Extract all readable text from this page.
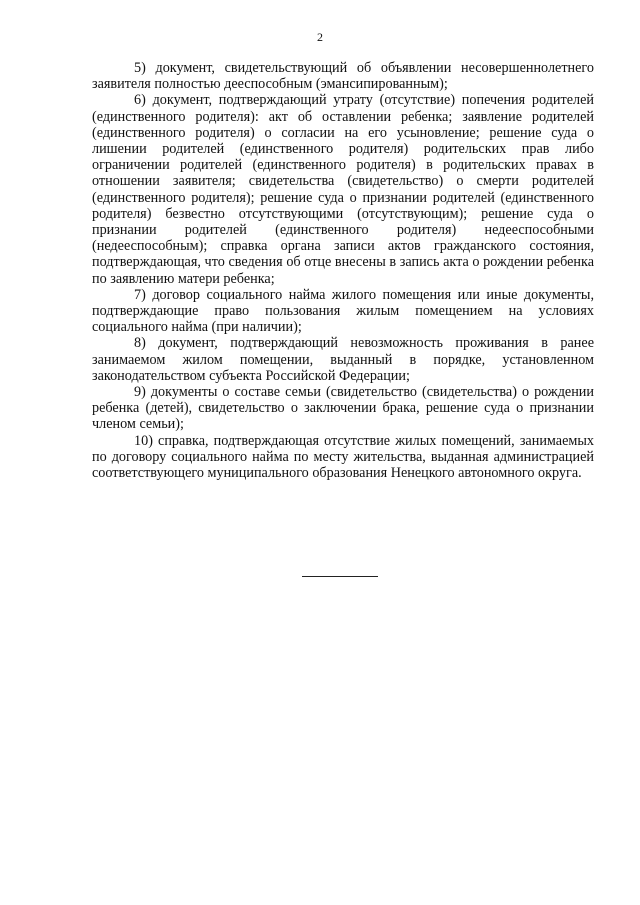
2

5) документ, свидетельствующий об объявлении несовершеннолетнего заявителя полностью дееспособным (эмансипированным);

6) документ, подтверждающий утрату (отсутствие) попечения родителей (единственного родителя): акт об оставлении ребенка; заявление родителей (единственного родителя) о согласии на его усыновление; решение суда о лишении родителей (единственного родителя) родительских прав либо ограничении родителей (единственного родителя) в родительских правах в отношении заявителя; свидетельства (свидетельство) о смерти родителей (единственного родителя); решение суда о признании родителей (единственного родителя) безвестно отсутствующими (отсутствующим); решение суда о признании родителей (единственного родителя) недееспособными (недееспособным); справка органа записи актов гражданского состояния, подтверждающая, что сведения об отце внесены в запись акта о рождении ребенка по заявлению матери ребенка;

7) договор социального найма жилого помещения или иные документы, подтверждающие право пользования жилым помещением на условиях социального найма (при наличии);

8) документ, подтверждающий невозможность проживания в ранее занимаемом жилом помещении, выданный в порядке, установленном законодательством субъекта Российской Федерации;

9) документы о составе семьи (свидетельство (свидетельства) о рождении ребенка (детей), свидетельство о заключении брака, решение суда о признании членом семьи);

10) справка, подтверждающая отсутствие жилых помещений, занимаемых по договору социального найма по месту жительства, выданная администрацией соответствующего муниципального образования Ненецкого автономного округа.
